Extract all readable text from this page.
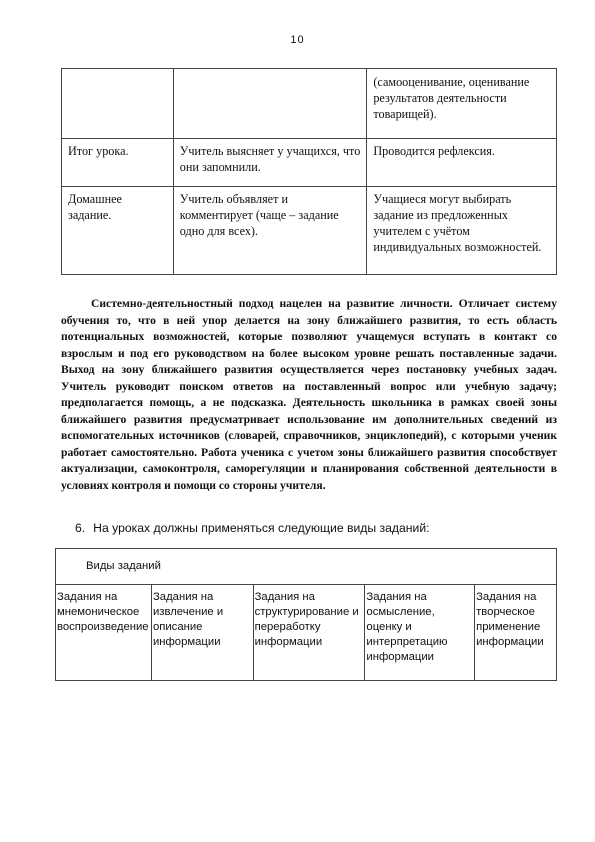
10
		(самооценивание, оценивание результатов деятельности товарищей).
Итог урока.	Учитель выясняет у учащихся, что они запомнили.	Проводится рефлексия.
Домашнее задание.	Учитель объявляет и комментирует (чаще – задание одно для всех).	Учащиеся могут выбирать задание из предложенных учителем с учётом индивидуальных возможностей.

Системно-деятельностный подход нацелен на развитие личности. Отличает систему обучения то, что в ней упор делается на зону ближайшего развития, то есть область потенциальных возможностей, которые позволяют учащемуся вступать в контакт со взрослым и под его руководством на более высоком уровне решать поставленные задачи. Выход на зону ближайшего развития осуществляется через постановку учебных задач. Учитель руководит поиском ответов на поставленный вопрос или учебную задачу; предполагается помощь, а не подсказка. Деятельность школьника в рамках своей зоны ближайшего развития предусматривает использование им дополнительных сведений из вспомогательных источников (словарей, справочников, энциклопедий), с которыми ученик работает самостоятельно. Работа ученика с учетом зоны ближайшего развития способствует актуализации, самоконтроля, саморегуляции и планирования собственной деятельности в условиях контроля и помощи со стороны учителя.

6. На уроках должны применяться следующие виды заданий:

Виды заданий
Задания на мнемоническое воспроизведение	Задания на извлечение и описание информации	Задания на структурирование и переработку информации	Задания на осмысление, оценку и интерпретацию информации	Задания на творческое применение информации
